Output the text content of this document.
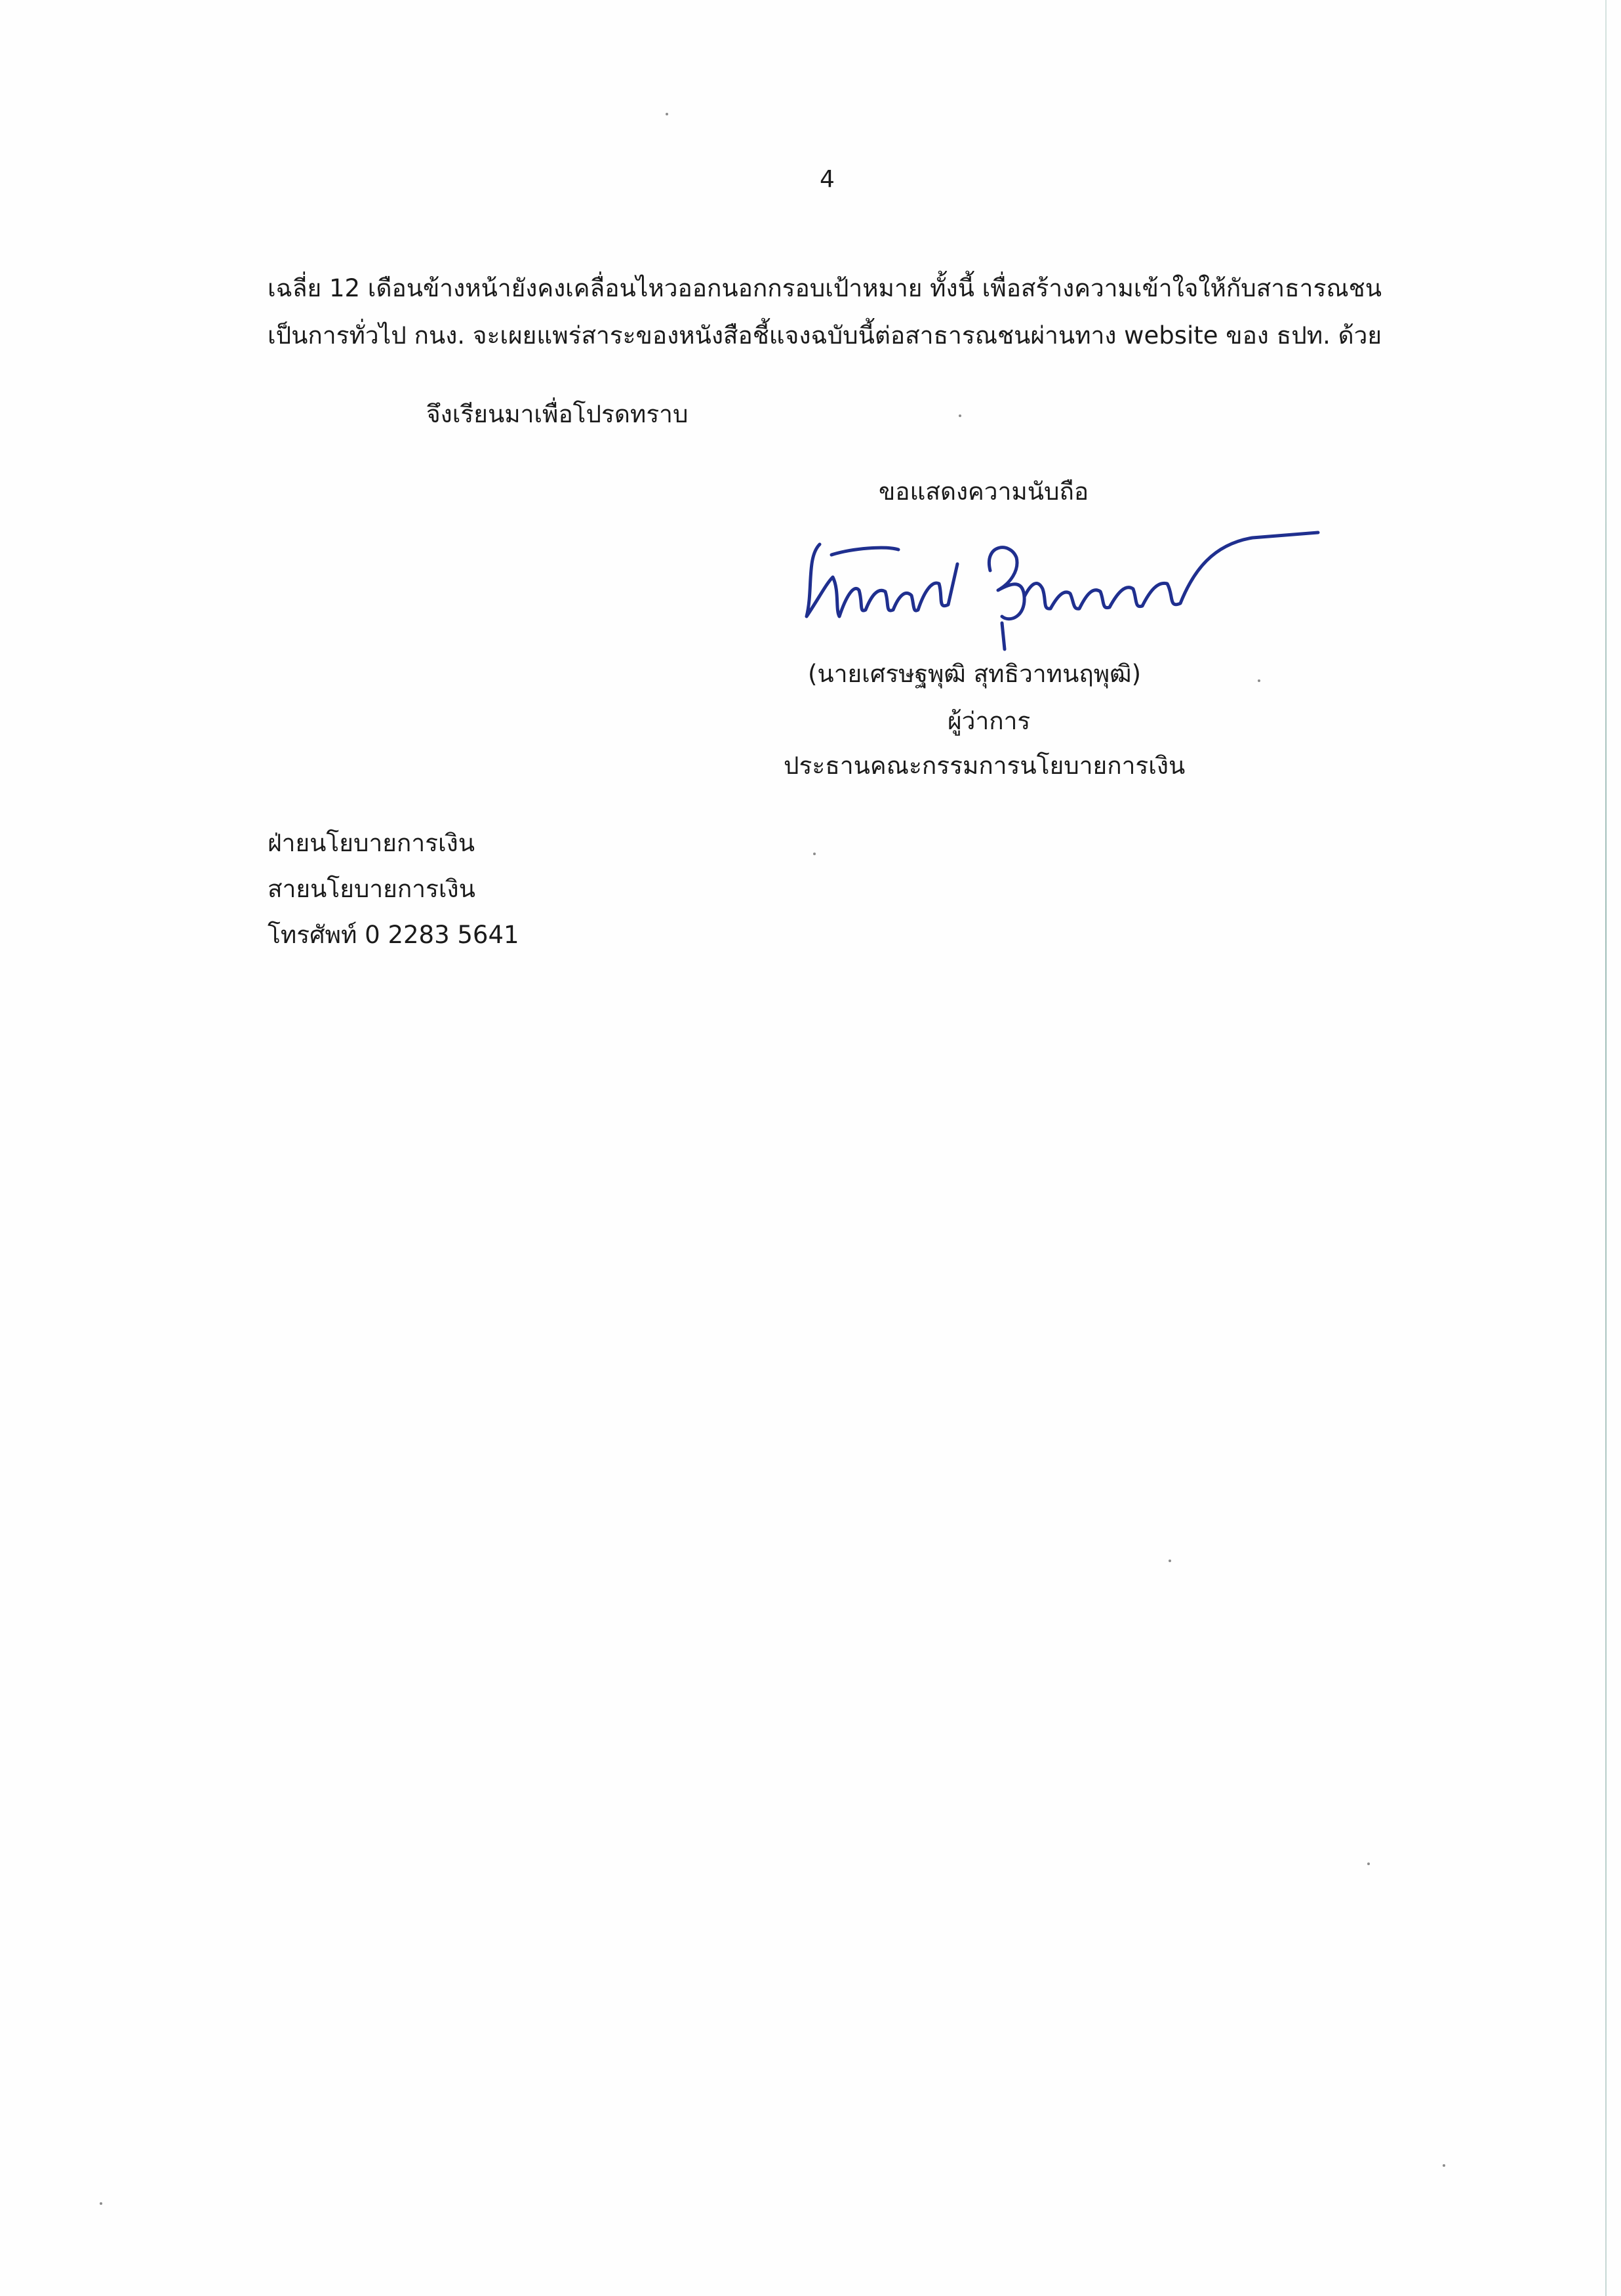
4
เฉลี่ย 12 เดือนข้างหน้ายังคงเคลื่อนไหวออกนอกกรอบเป้าหมาย ทั้งนี้ เพื่อสร้างความเข้าใจให้กับสาธารณชน
เป็นการทั่วไป กนง. จะเผยแพร่สาระของหนังสือชี้แจงฉบับนี้ต่อสาธารณชนผ่านทาง website ของ ธปท. ด้วย
จึงเรียนมาเพื่อโปรดทราบ
ขอแสดงความนับถือ
(นายเศรษฐพุฒิ สุทธิวาทนฤพุฒิ)
ผู้ว่าการ
ประธานคณะกรรมการนโยบายการเงิน
ฝ่ายนโยบายการเงิน
สายนโยบายการเงิน
โทรศัพท์ 0 2283 5641
